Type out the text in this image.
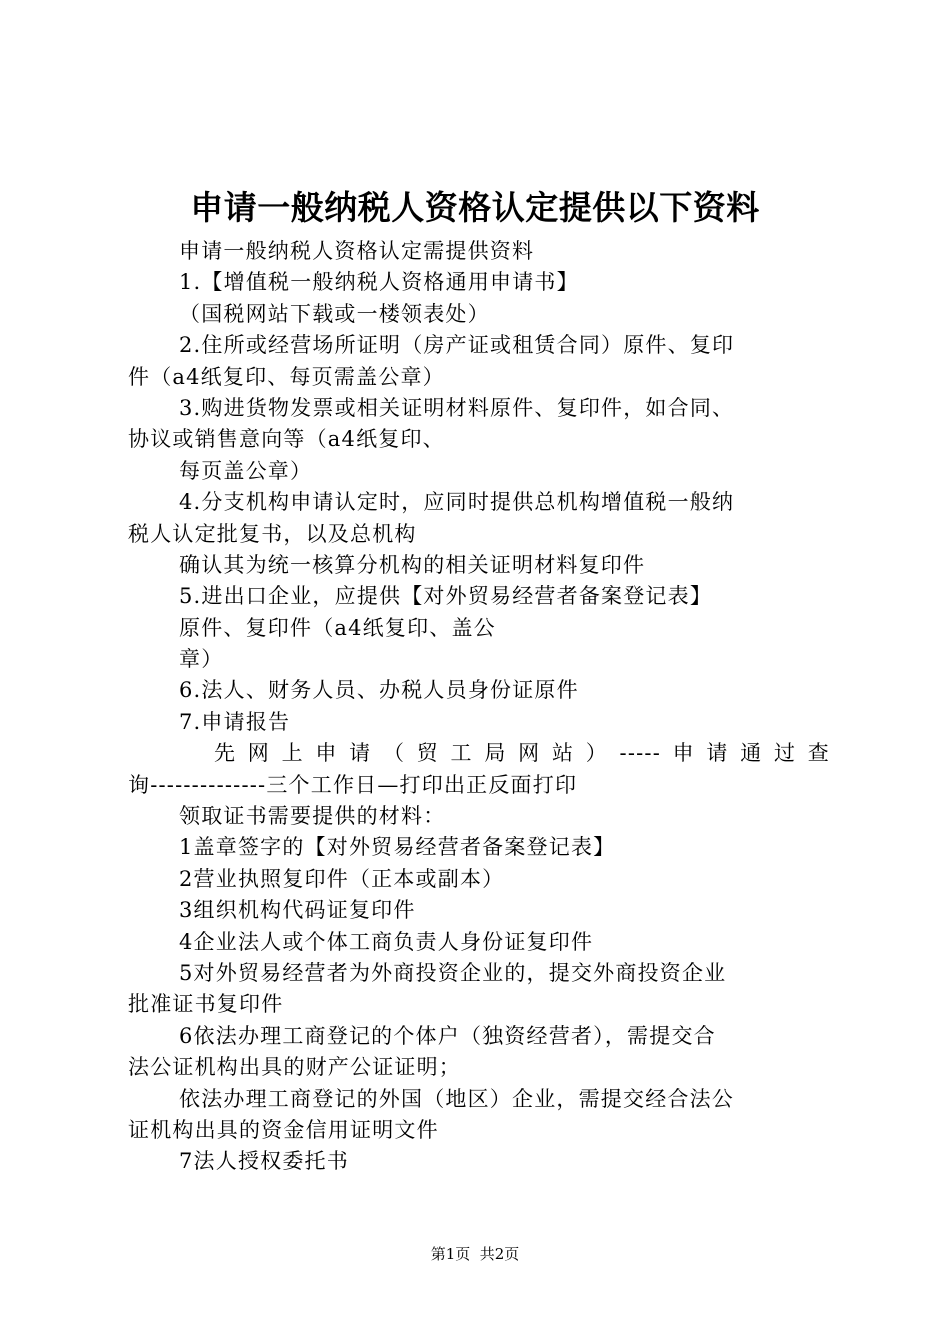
申请一般纳税人资格认定提供以下资料
申请一般纳税人资格认定需提供资料
1.【增值税一般纳税人资格通用申请书】
（国税网站下载或一楼领表处）
2.住所或经营场所证明（房产证或租赁合同）原件、复印
件（a4纸复印、每页需盖公章）
3.购进货物发票或相关证明材料原件、复印件，如合同、
协议或销售意向等（a4纸复印、
每页盖公章）
4.分支机构申请认定时，应同时提供总机构增值税一般纳
税人认定批复书，以及总机构
确认其为统一核算分机构的相关证明材料复印件
5.进出口企业，应提供【对外贸易经营者备案登记表】
原件、复印件（a4纸复印、盖公
章）
6.法人、财务人员、办税人员身份证原件
7.申请报告
先网上申请（贸工局网站）-----申请通过查
询--------------三个工作日—打印出正反面打印
领取证书需要提供的材料：
1盖章签字的【对外贸易经营者备案登记表】
2营业执照复印件（正本或副本）
3组织机构代码证复印件
4企业法人或个体工商负责人身份证复印件
5对外贸易经营者为外商投资企业的，提交外商投资企业
批准证书复印件
6依法办理工商登记的个体户（独资经营者），需提交合
法公证机构出具的财产公证证明；
依法办理工商登记的外国（地区）企业，需提交经合法公
证机构出具的资金信用证明文件
7法人授权委托书
第1页  共2页
